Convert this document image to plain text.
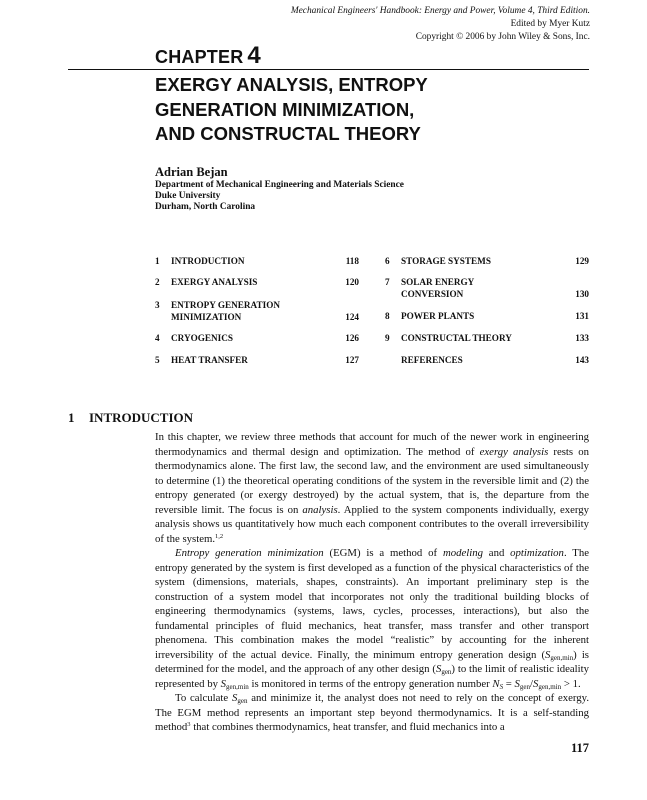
Mechanical Engineers' Handbook: Energy and Power, Volume 4, Third Edition.
Edited by Myer Kutz
Copyright © 2006 by John Wiley & Sons, Inc.
CHAPTER 4
EXERGY ANALYSIS, ENTROPY
GENERATION MINIMIZATION,
AND CONSTRUCTAL THEORY
Adrian Bejan
Department of Mechanical Engineering and Materials Science
Duke University
Durham, North Carolina
1 INTRODUCTION	118
2 EXERGY ANALYSIS	120
3 ENTROPY GENERATION
MINIMIZATION	124
4 CRYOGENICS	126
5 HEAT TRANSFER	127
6 STORAGE SYSTEMS	129
7 SOLAR ENERGY
CONVERSION	130
8 POWER PLANTS	131
9 CONSTRUCTAL THEORY	133
REFERENCES	143
1 INTRODUCTION

In this chapter, we review three methods that account for much of the newer work in engineering thermodynamics and thermal design and optimization. The method of exergy analysis rests on thermodynamics alone. The first law, the second law, and the environment are used simultaneously to determine (1) the theoretical operating conditions of the system in the reversible limit and (2) the entropy generated (or exergy destroyed) by the actual system, that is, the departure from the reversible limit. The focus is on analysis. Applied to the system components individually, exergy analysis shows us quantitatively how much each component contributes to the overall irreversibility of the system.$^{1,2}$

Entropy generation minimization (EGM) is a method of modeling and optimization. The entropy generated by the system is first developed as a function of the physical characteristics of the system (dimensions, materials, shapes, constraints). An important preliminary step is the construction of a system model that incorporates not only the traditional building blocks of engineering thermodynamics (systems, laws, cycles, processes, interactions), but also the fundamental principles of fluid mechanics, heat transfer, mass transfer and other transport phenomena. This combination makes the model “realistic” by accounting for the inherent irreversibility of the actual device. Finally, the minimum entropy generation design $(S_{gen,min})$ is determined for the model, and the approach of any other design $(S_{gen})$ to the limit of realistic ideality represented by $S_{gen,min}$ is monitored in terms of the entropy generation number $N_S = S_{gen}/S_{gen,min} > 1$.

To calculate $S_{gen}$ and minimize it, the analyst does not need to rely on the concept of exergy. The EGM method represents an important step beyond thermodynamics. It is a self-standing method$^3$ that combines thermodynamics, heat transfer, and fluid mechanics into a

117
